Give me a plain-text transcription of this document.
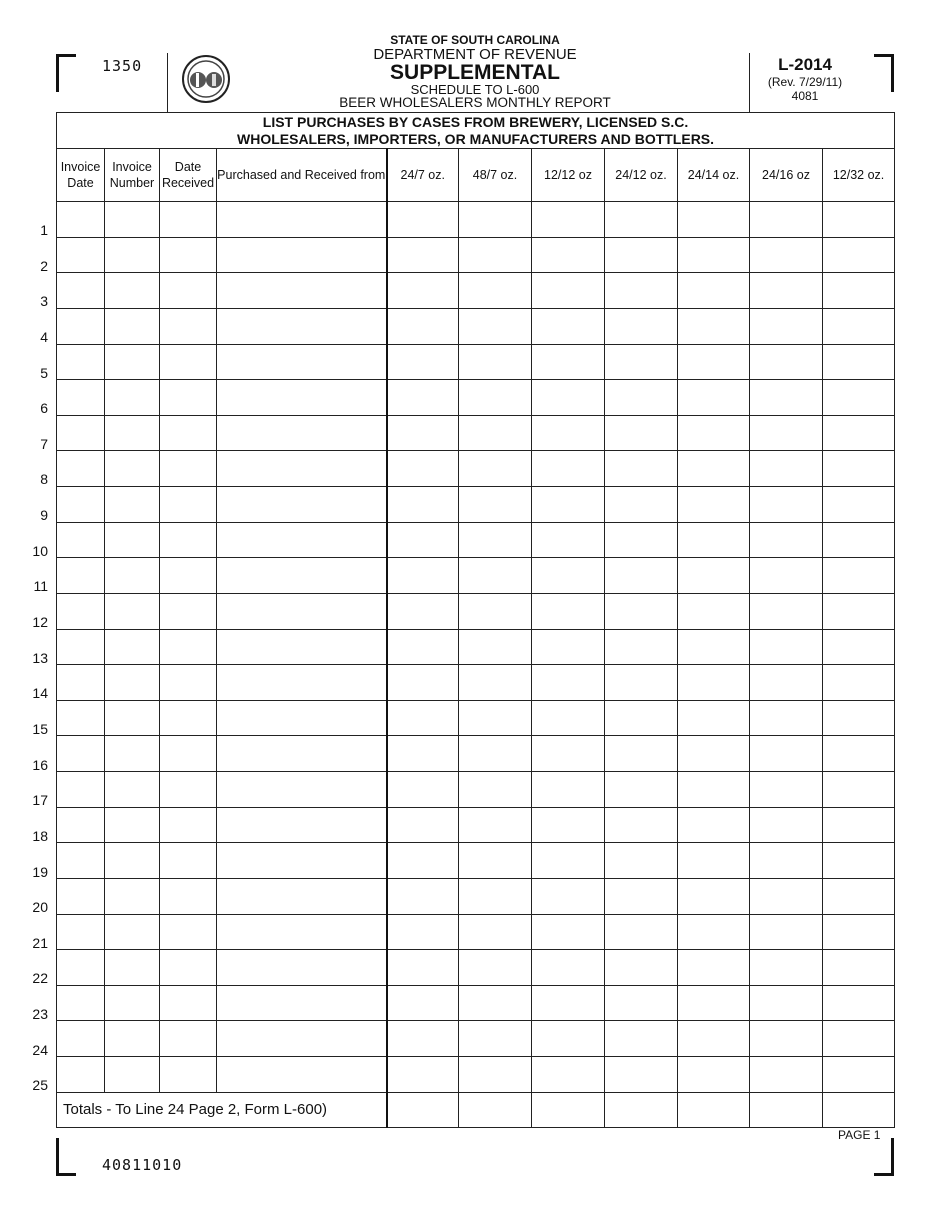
1350
STATE OF SOUTH CAROLINA
DEPARTMENT OF REVENUE
SUPPLEMENTAL
SCHEDULE TO L-600
BEER WHOLESALERS MONTHLY REPORT
L-2014
(Rev. 7/29/11)
4081
LIST PURCHASES BY CASES FROM BREWERY, LICENSED S.C.
WHOLESALERS, IMPORTERS, OR MANUFACTURERS AND BOTTLERS.										

Invoice Date	Invoice Number	Date Received	Purchased and Received from	24/7 oz.	48/7 oz.	12/12 oz	24/12 oz.	24/14 oz.	24/16 oz	12/32 oz.

Totals - To Line 24 Page 2, Form L-600)										
PAGE 1
40811010
1
2
3
4
5
6
7
8
9
10
11
12
13
14
15
16
17
18
19
20
21
22
23
24
25
